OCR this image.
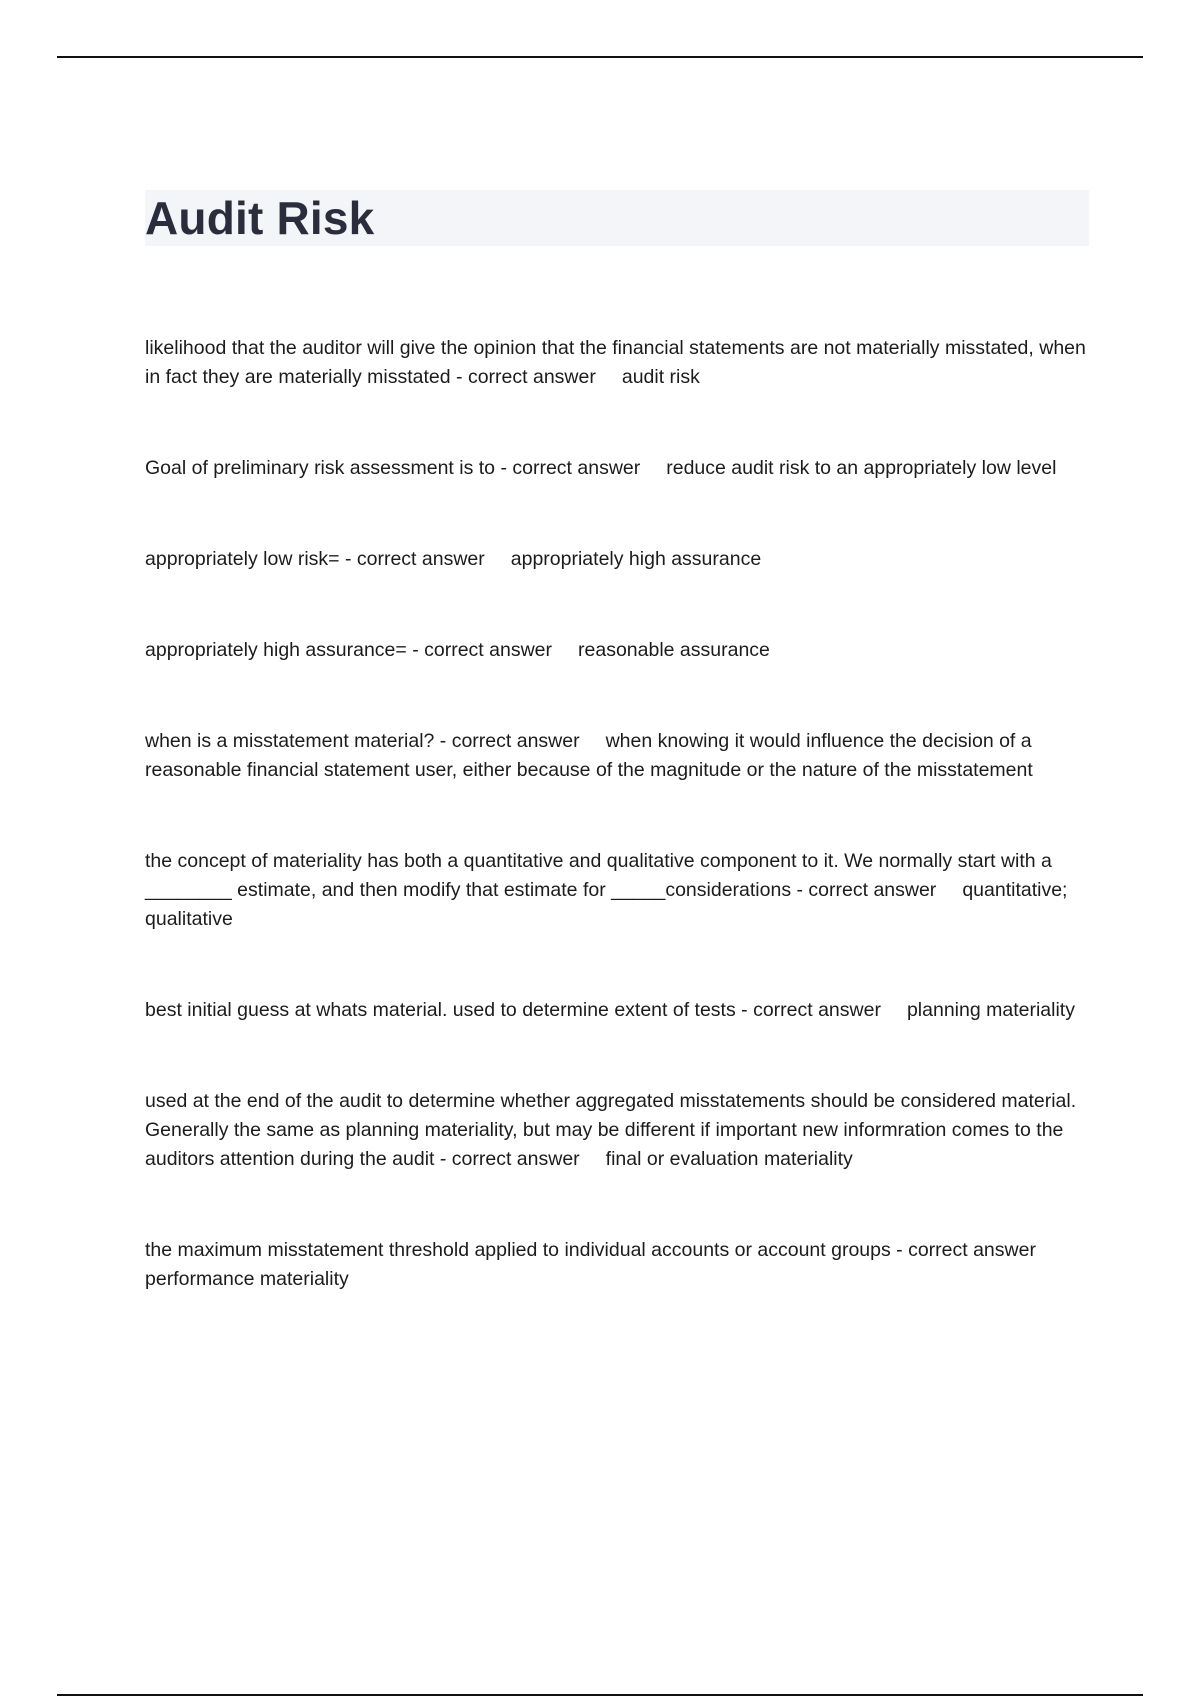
Audit Risk
likelihood that the auditor will give the opinion that the financial statements are not materially misstated, when in fact they are materially misstated - correct answer audit risk
Goal of preliminary risk assessment is to - correct answer reduce audit risk to an appropriately low level
appropriately low risk= - correct answer appropriately high assurance
appropriately high assurance= - correct answer reasonable assurance
when is a misstatement material? - correct answer when knowing it would influence the decision of a reasonable financial statement user, either because of the magnitude or the nature of the misstatement
the concept of materiality has both a quantitative and qualitative component to it. We normally start with a ________ estimate, and then modify that estimate for _____considerations - correct answer quantitative; qualitative
best initial guess at whats material. used to determine extent of tests - correct answer planning materiality
used at the end of the audit to determine whether aggregated misstatements should be considered material. Generally the same as planning materiality, but may be different if important new informration comes to the auditors attention during the audit - correct answer final or evaluation materiality
the maximum misstatement threshold applied to individual accounts or account groups - correct answerperformance materiality
